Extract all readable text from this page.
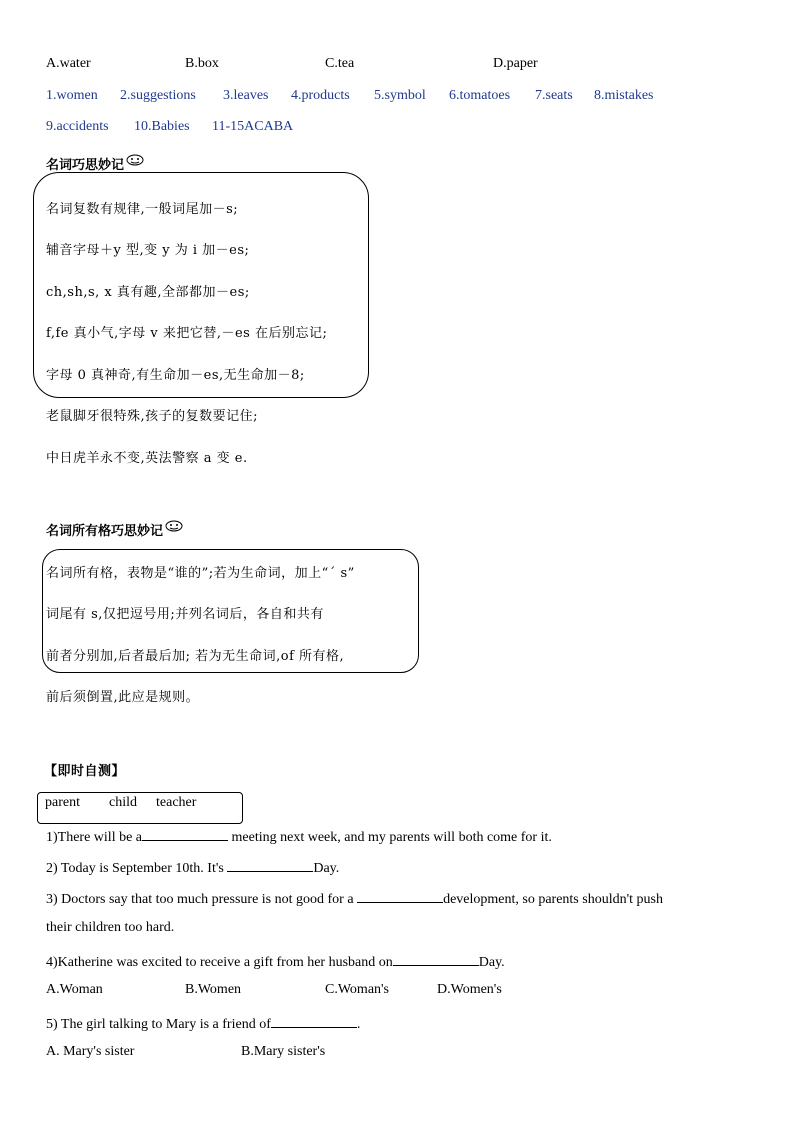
A.water	B.box	C.tea	D.paper
1.women 2.suggestions 3.leaves 4.products 5.symbol 6.tomatoes 7.seats 8.mistakes
9.accidents 10.Babies 11-15ACABA
名词巧思妙记
名词复数有规律,一般词尾加－s;
辅音字母＋y 型,变 y 为 i 加－es;
ch,sh,s, x 真有趣,全部都加－es;
f,fe 真小气,字母 v 来把它替,－es 在后别忘记;
字母 0 真神奇,有生命加－es,无生命加－8;
老鼠脚牙很特殊,孩子的复数要记住;
中日虎羊永不变,英法警察 a 变 e.
名词所有格巧思妙记
名词所有格，表物是“谁的”;若为生命词，加上“ˊ s”
词尾有 s,仅把逗号用;并列名词后，各自和共有
前者分别加,后者最后加; 若为无生命词,of 所有格,
前后须倒置,此应是规则。
【即时自测】
parent child teacher
1)There will be a	meeting next week, and my parents will both come for it.
2) Today is September 10th. It's	Day.
3) Doctors say that too much pressure is not good for a	development, so parents shouldn't push
their children too hard.
4)Katherine was excited to receive a gift from her husband on	Day.
A.Woman	B.Women	C.Woman's	D.Women's
5) The girl talking to Mary is a friend of	.
A. Mary's sister	B.Mary sister's
